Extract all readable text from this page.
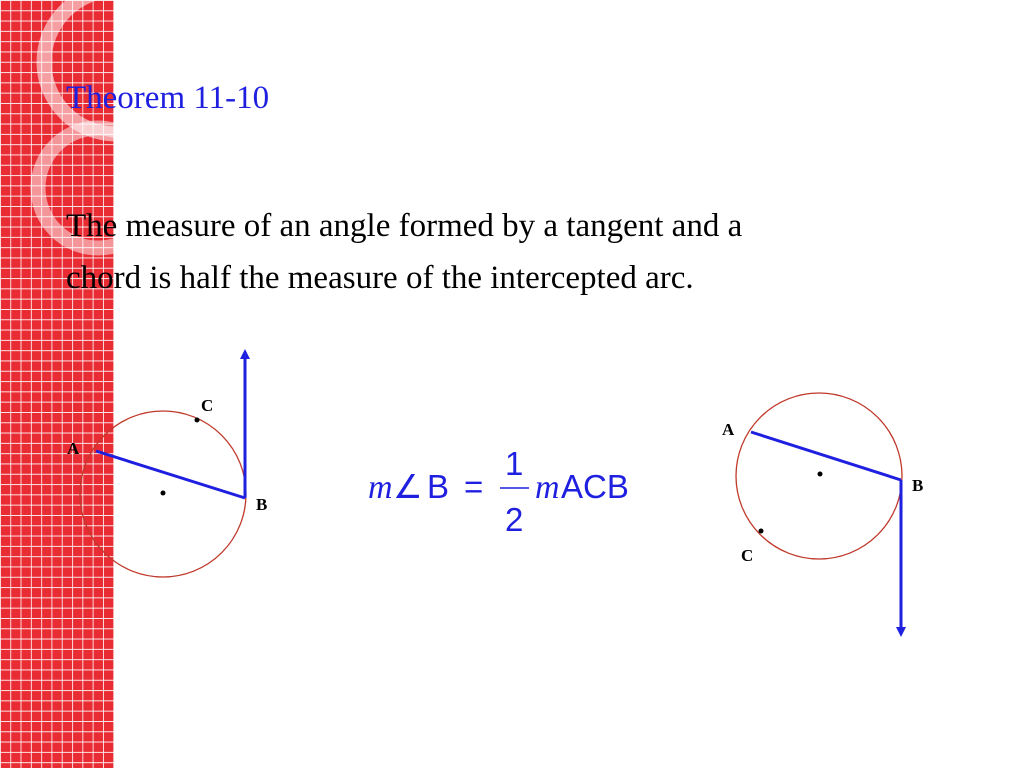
Theorem 11-10
The measure of an angle formed by a tangent and a
chord is half the measure of the intercepted arc.
A
B
C
m ∠ B =
1
2
m ACB
A
B
C
